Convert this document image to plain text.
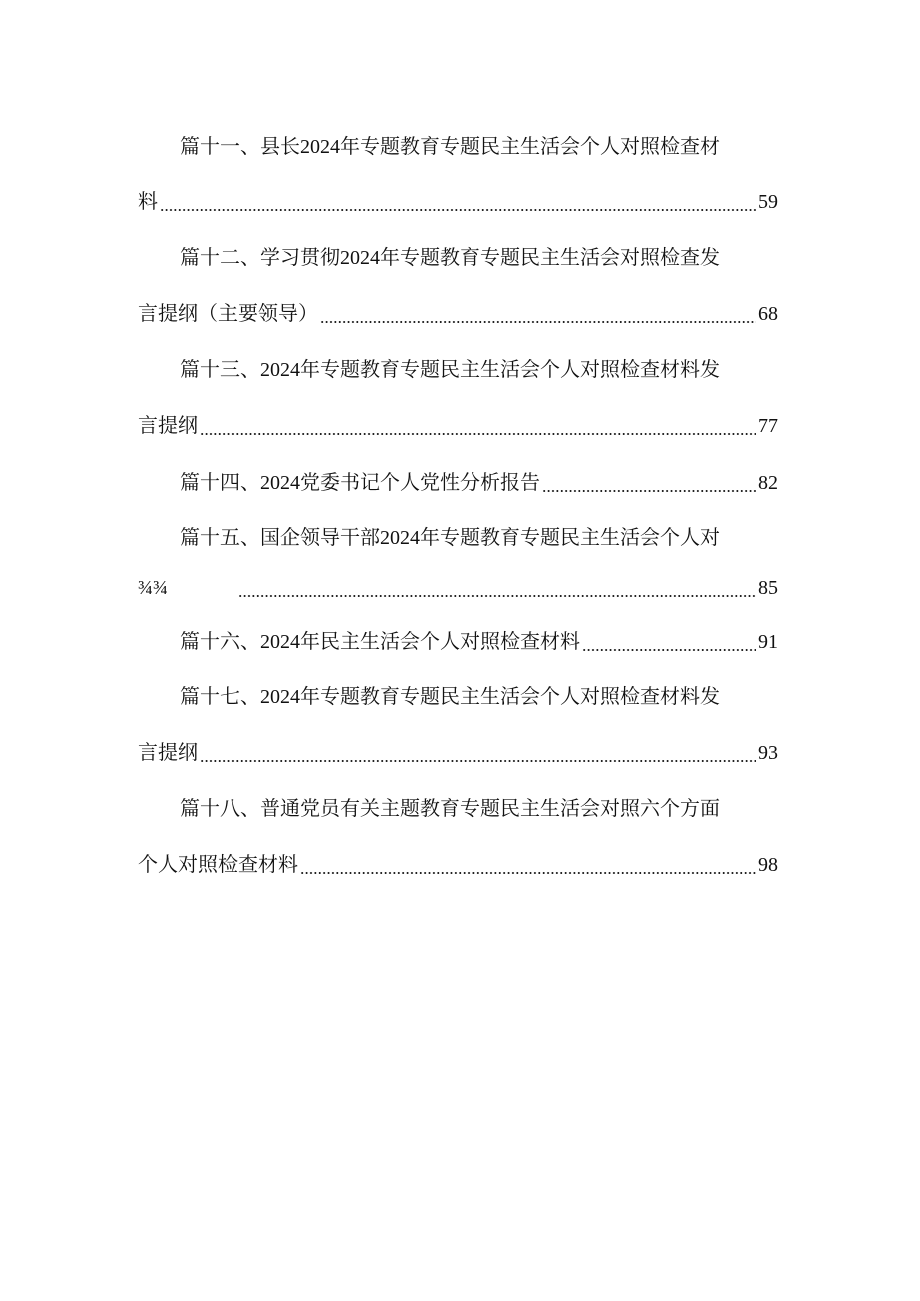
篇十一、县长2024年专题教育专题民主生活会个人对照检查材
料	59
篇十二、学习贯彻2024年专题教育专题民主生活会对照检查发
言提纲（主要领导）	68
篇十三、2024年专题教育专题民主生活会个人对照检查材料发
言提纲	77
篇十四、2024党委书记个人党性分析报告	82
篇十五、国企领导干部2024年专题教育专题民主生活会个人对
¾¾	85
篇十六、2024年民主生活会个人对照检查材料	91
篇十七、2024年专题教育专题民主生活会个人对照检查材料发
言提纲	93
篇十八、普通党员有关主题教育专题民主生活会对照六个方面
个人对照检查材料	98
